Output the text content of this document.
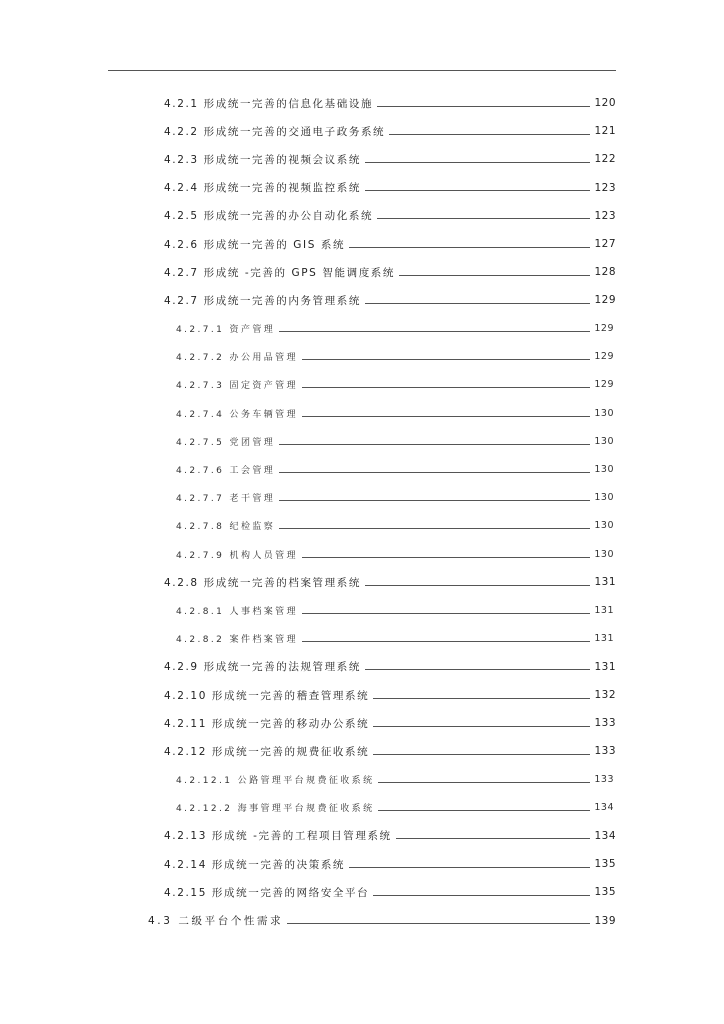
4.2.1 形成统一完善的信息化基础设施	120
4.2.2 形成统一完善的交通电子政务系统	121
4.2.3 形成统一完善的视频会议系统	122
4.2.4 形成统一完善的视频监控系统	123
4.2.5 形成统一完善的办公自动化系统	123
4.2.6 形成统一完善的 GIS 系统	127
4.2.7 形成统 -完善的 GPS 智能调度系统	128
4.2.7 形成统一完善的内务管理系统	129
4.2.7.1 资产管理	129
4.2.7.2 办公用品管理	129
4.2.7.3 固定资产管理	129
4.2.7.4 公务车辆管理	130
4.2.7.5 党团管理	130
4.2.7.6 工会管理	130
4.2.7.7 老干管理	130
4.2.7.8 纪检监察	130
4.2.7.9 机构人员管理	130
4.2.8 形成统一完善的档案管理系统	131
4.2.8.1 人事档案管理	131
4.2.8.2 案件档案管理	131
4.2.9 形成统一完善的法规管理系统	131
4.2.10 形成统一完善的稽查管理系统	132
4.2.11 形成统一完善的移动办公系统	133
4.2.12 形成统一完善的规费征收系统	133
4.2.12.1 公路管理平台规费征收系统	133
4.2.12.2 海事管理平台规费征收系统	134
4.2.13 形成统 -完善的工程项目管理系统	134
4.2.14 形成统一完善的决策系统	135
4.2.15 形成统一完善的网络安全平台	135
4.3 二级平台个性需求	139
